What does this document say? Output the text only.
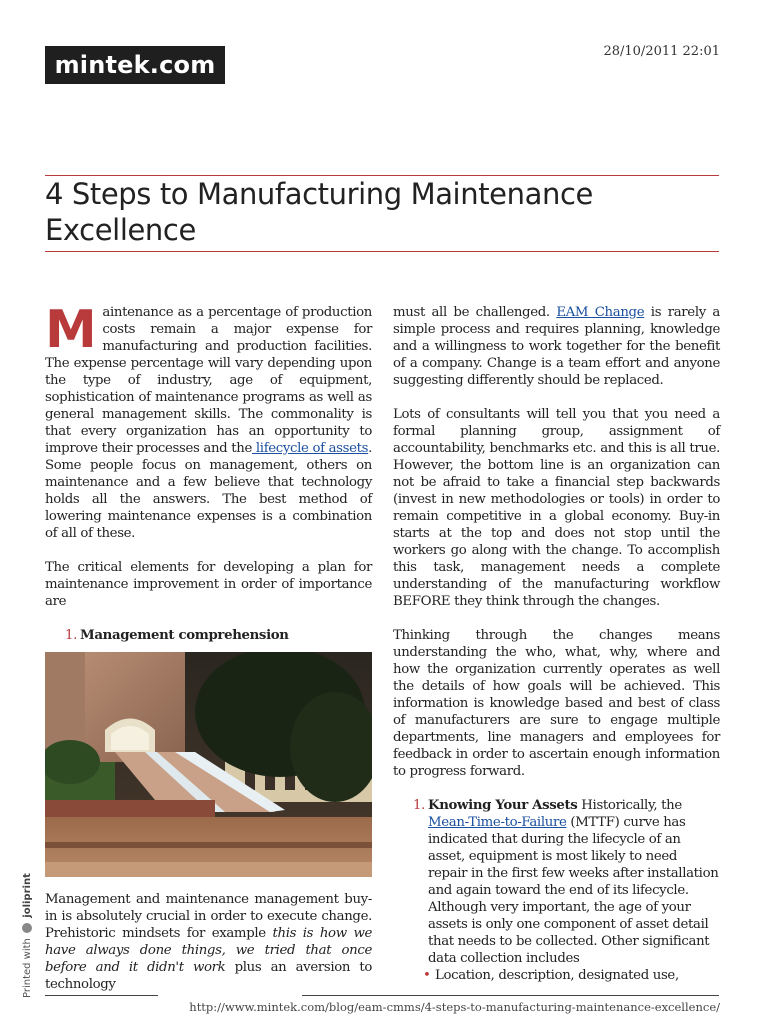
mintek.com	28/10/2011 22:01
4 Steps to Manufacturing Maintenance Excellence

Maintenance as a percentage of production costs remain a major expense for manufacturing and production facilities. The expense percentage will vary depending upon the type of industry, age of equipment, sophistication of maintenance programs as well as general management skills. The commonality is that every organization has an opportunity to improve their processes and the lifecycle of assets. Some people focus on management, others on maintenance and a few believe that technology holds all the answers. The best method of lowering maintenance expenses is a combination of all of these.

The critical elements for developing a plan for maintenance improvement in order of importance are

1. Management comprehension

Management and maintenance management buy-in is absolutely crucial in order to execute change. Prehistoric mindsets for example this is how we have always done things, we tried that once before and it didn't work plus an aversion to technology

must all be challenged. EAM Change is rarely a simple process and requires planning, knowledge and a willingness to work together for the benefit of a company. Change is a team effort and anyone suggesting differently should be replaced.

Lots of consultants will tell you that you need a formal planning group, assignment of accountability, benchmarks etc. and this is all true. However, the bottom line is an organization can not be afraid to take a financial step backwards (invest in new methodologies or tools) in order to remain competitive in a global economy. Buy-in starts at the top and does not stop until the workers go along with the change. To accomplish this task, management needs a complete understanding of the manufacturing workflow BEFORE they think through the changes.

Thinking through the changes means understanding the who, what, why, where and how the organization currently operates as well the details of how goals will be achieved. This information is knowledge based and best of class of manufacturers are sure to engage multiple departments, line managers and employees for feedback in order to ascertain enough information to progress forward.

1. Knowing Your Assets Historically, the Mean-Time-to-Failure (MTTF) curve has indicated that during the lifecycle of an asset, equipment is most likely to need repair in the first few weeks after installation and again toward the end of its lifecycle. Although very important, the age of your assets is only one component of asset detail that needs to be collected. Other significant data collection includes
• Location, description, designated use,
Printed with  joliprint
http://www.mintek.com/blog/eam-cmms/4-steps-to-manufacturing-maintenance-excellence/
